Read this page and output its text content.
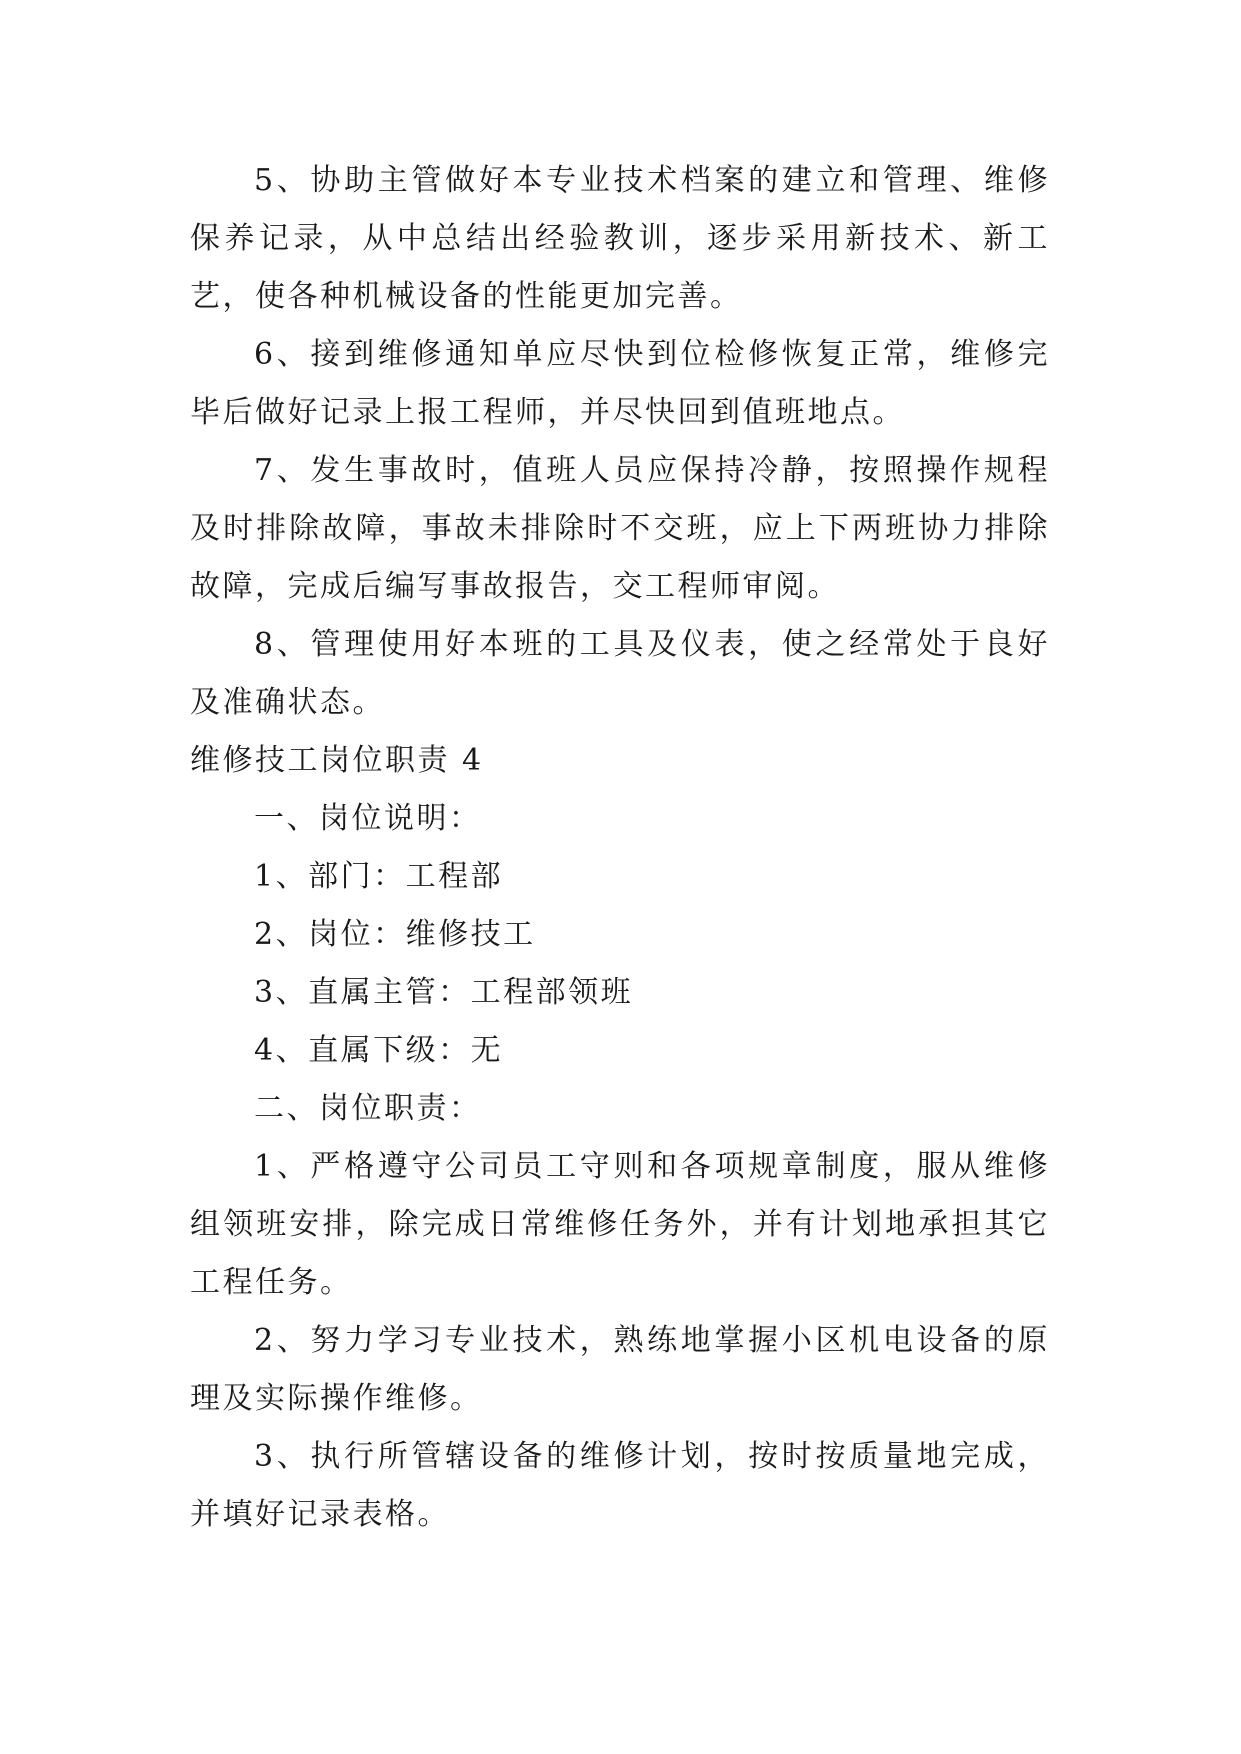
5、协助主管做好本专业技术档案的建立和管理、维修保养记录，从中总结出经验教训，逐步采用新技术、新工艺，使各种机械设备的性能更加完善。

6、接到维修通知单应尽快到位检修恢复正常，维修完毕后做好记录上报工程师，并尽快回到值班地点。

7、发生事故时，值班人员应保持冷静，按照操作规程及时排除故障，事故未排除时不交班，应上下两班协力排除故障，完成后编写事故报告，交工程师审阅。

8、管理使用好本班的工具及仪表，使之经常处于良好及准确状态。

维修技工岗位职责 4

一、岗位说明：

1、部门：工程部

2、岗位：维修技工

3、直属主管：工程部领班

4、直属下级：无

二、岗位职责：

1、严格遵守公司员工守则和各项规章制度，服从维修组领班安排，除完成日常维修任务外，并有计划地承担其它工程任务。

2、努力学习专业技术，熟练地掌握小区机电设备的原理及实际操作维修。

3、执行所管辖设备的维修计划，按时按质量地完成，并填好记录表格。
